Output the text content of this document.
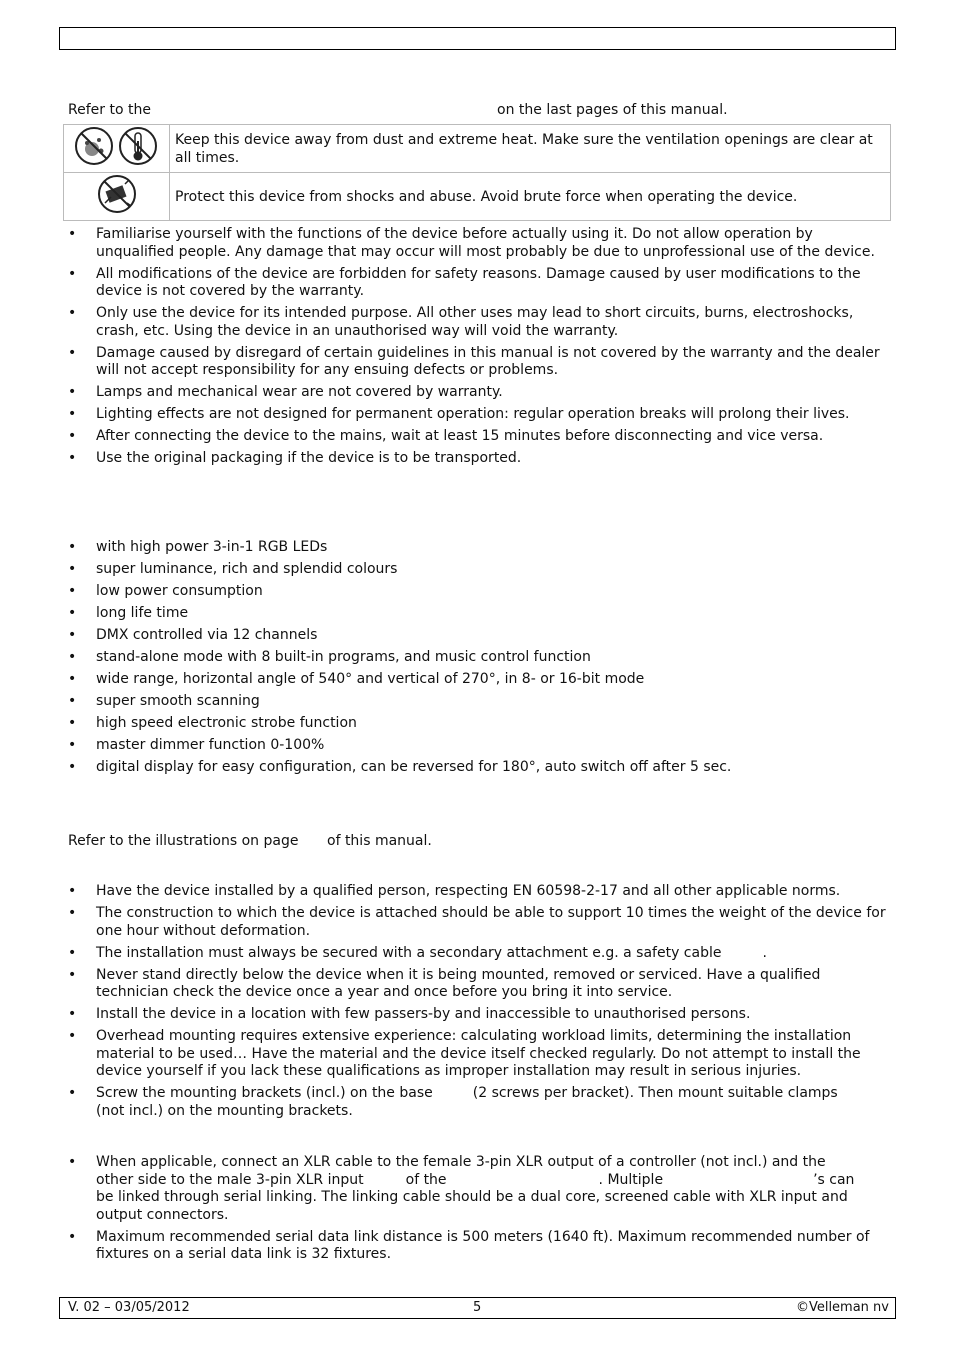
Refer to the	on the last pages of this manual.
	Keep this device away from dust and extreme heat. Make sure the ventilation openings are clear at all times.
	Protect this device from shocks and abuse. Avoid brute force when operating the device.
• Familiarise yourself with the functions of the device before actually using it. Do not allow operation by unqualified people. Any damage that may occur will most probably be due to unprofessional use of the device.
• All modifications of the device are forbidden for safety reasons. Damage caused by user modifications to the device is not covered by the warranty.
• Only use the device for its intended purpose. All other uses may lead to short circuits, burns, electroshocks, crash, etc. Using the device in an unauthorised way will void the warranty.
• Damage caused by disregard of certain guidelines in this manual is not covered by the warranty and the dealer will not accept responsibility for any ensuing defects or problems.
• Lamps and mechanical wear are not covered by warranty.
• Lighting effects are not designed for permanent operation: regular operation breaks will prolong their lives.
• After connecting the device to the mains, wait at least 15 minutes before disconnecting and vice versa.
• Use the original packaging if the device is to be transported.
• with high power 3-in-1 RGB LEDs
• super luminance, rich and splendid colours
• low power consumption
• long life time
• DMX controlled via 12 channels
• stand-alone mode with 8 built-in programs, and music control function
• wide range, horizontal angle of 540° and vertical of 270°, in 8- or 16-bit mode
• super smooth scanning
• high speed electronic strobe function
• master dimmer function 0-100%
• digital display for easy configuration, can be reversed for 180°, auto switch off after 5 sec.
Refer to the illustrations on page of this manual.
• Have the device installed by a qualified person, respecting EN 60598-2-17 and all other applicable norms.
• The construction to which the device is attached should be able to support 10 times the weight of the device for one hour without deformation.
• The installation must always be secured with a secondary attachment e.g. a safety cable	.
• Never stand directly below the device when it is being mounted, removed or serviced. Have a qualified technician check the device once a year and once before you bring it into service.
• Install the device in a location with few passers-by and inaccessible to unauthorised persons.
• Overhead mounting requires extensive experience: calculating workload limits, determining the installation material to be used… Have the material and the device itself checked regularly. Do not attempt to install the device yourself if you lack these qualifications as improper installation may result in serious injuries.
• Screw the mounting brackets (incl.) on the base	(2 screws per bracket). Then mount suitable clamps
(not incl.) on the mounting brackets.
• When applicable, connect an XLR cable to the female 3-pin XLR output of a controller (not incl.) and the
other side to the male 3-pin XLR input	of the	. Multiple	’s can
be linked through serial linking. The linking cable should be a dual core, screened cable with XLR input and
output connectors.
• Maximum recommended serial data link distance is 500 meters (1640 ft). Maximum recommended number of fixtures on a serial data link is 32 fixtures.
V. 02 – 03/05/2012	5	©Velleman nv
